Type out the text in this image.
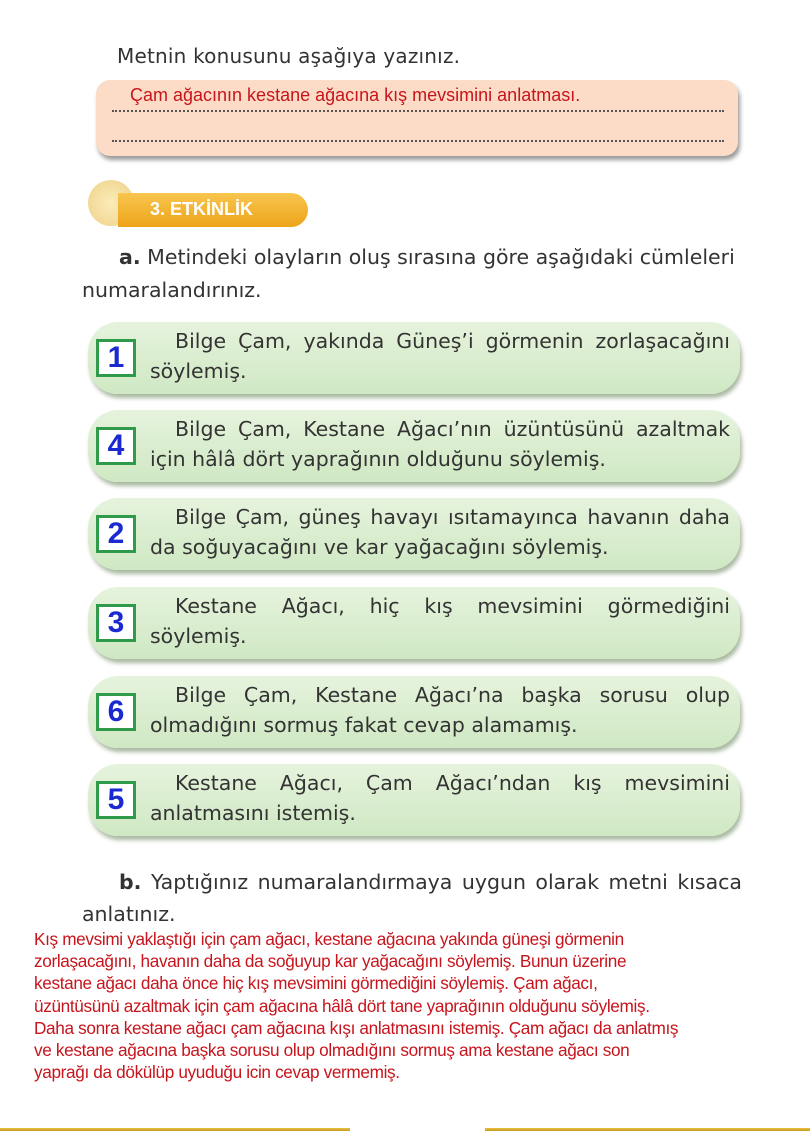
Metnin konusunu aşağıya yazınız.
Çam ağacının kestane ağacına kış mevsimini anlatması.
3. ETKİNLİK
a. Metindeki olayların oluş sırasına göre aşağıdaki cümleleri numaralandırınız.
1	Bilge Çam, yakında Güneş’i görmenin zorlaşacağını söylemiş.
4	Bilge Çam, Kestane Ağacı’nın üzüntüsünü azaltmak için hâlâ dört yaprağının olduğunu söylemiş.
2	Bilge Çam, güneş havayı ısıtamayınca havanın daha da soğuyacağını ve kar yağacağını söylemiş.
3	Kestane Ağacı, hiç kış mevsimini görmediğini söylemiş.
6	Bilge Çam, Kestane Ağacı’na başka sorusu olup olmadığını sormuş fakat cevap alamamış.
5	Kestane Ağacı, Çam Ağacı’ndan kış mevsimini anlatmasını istemiş.
b. Yaptığınız numaralandırmaya uygun olarak metni kısaca anlatınız.
Kış mevsimi yaklaştığı için çam ağacı, kestane ağacına yakında güneşi görmenin
zorlaşacağını, havanın daha da soğuyup kar yağacağını söylemiş. Bunun üzerine
kestane ağacı daha önce hiç kış mevsimini görmediğini söylemiş. Çam ağacı,
üzüntüsünü azaltmak için çam ağacına hâlâ dört tane yaprağının olduğunu söylemiş.
Daha sonra kestane ağacı çam ağacına kışı anlatmasını istemiş. Çam ağacı da anlatmış
ve kestane ağacına başka sorusu olup olmadığını sormuş ama kestane ağacı son
yaprağı da dökülüp uyuduğu icin cevap vermemiş.
